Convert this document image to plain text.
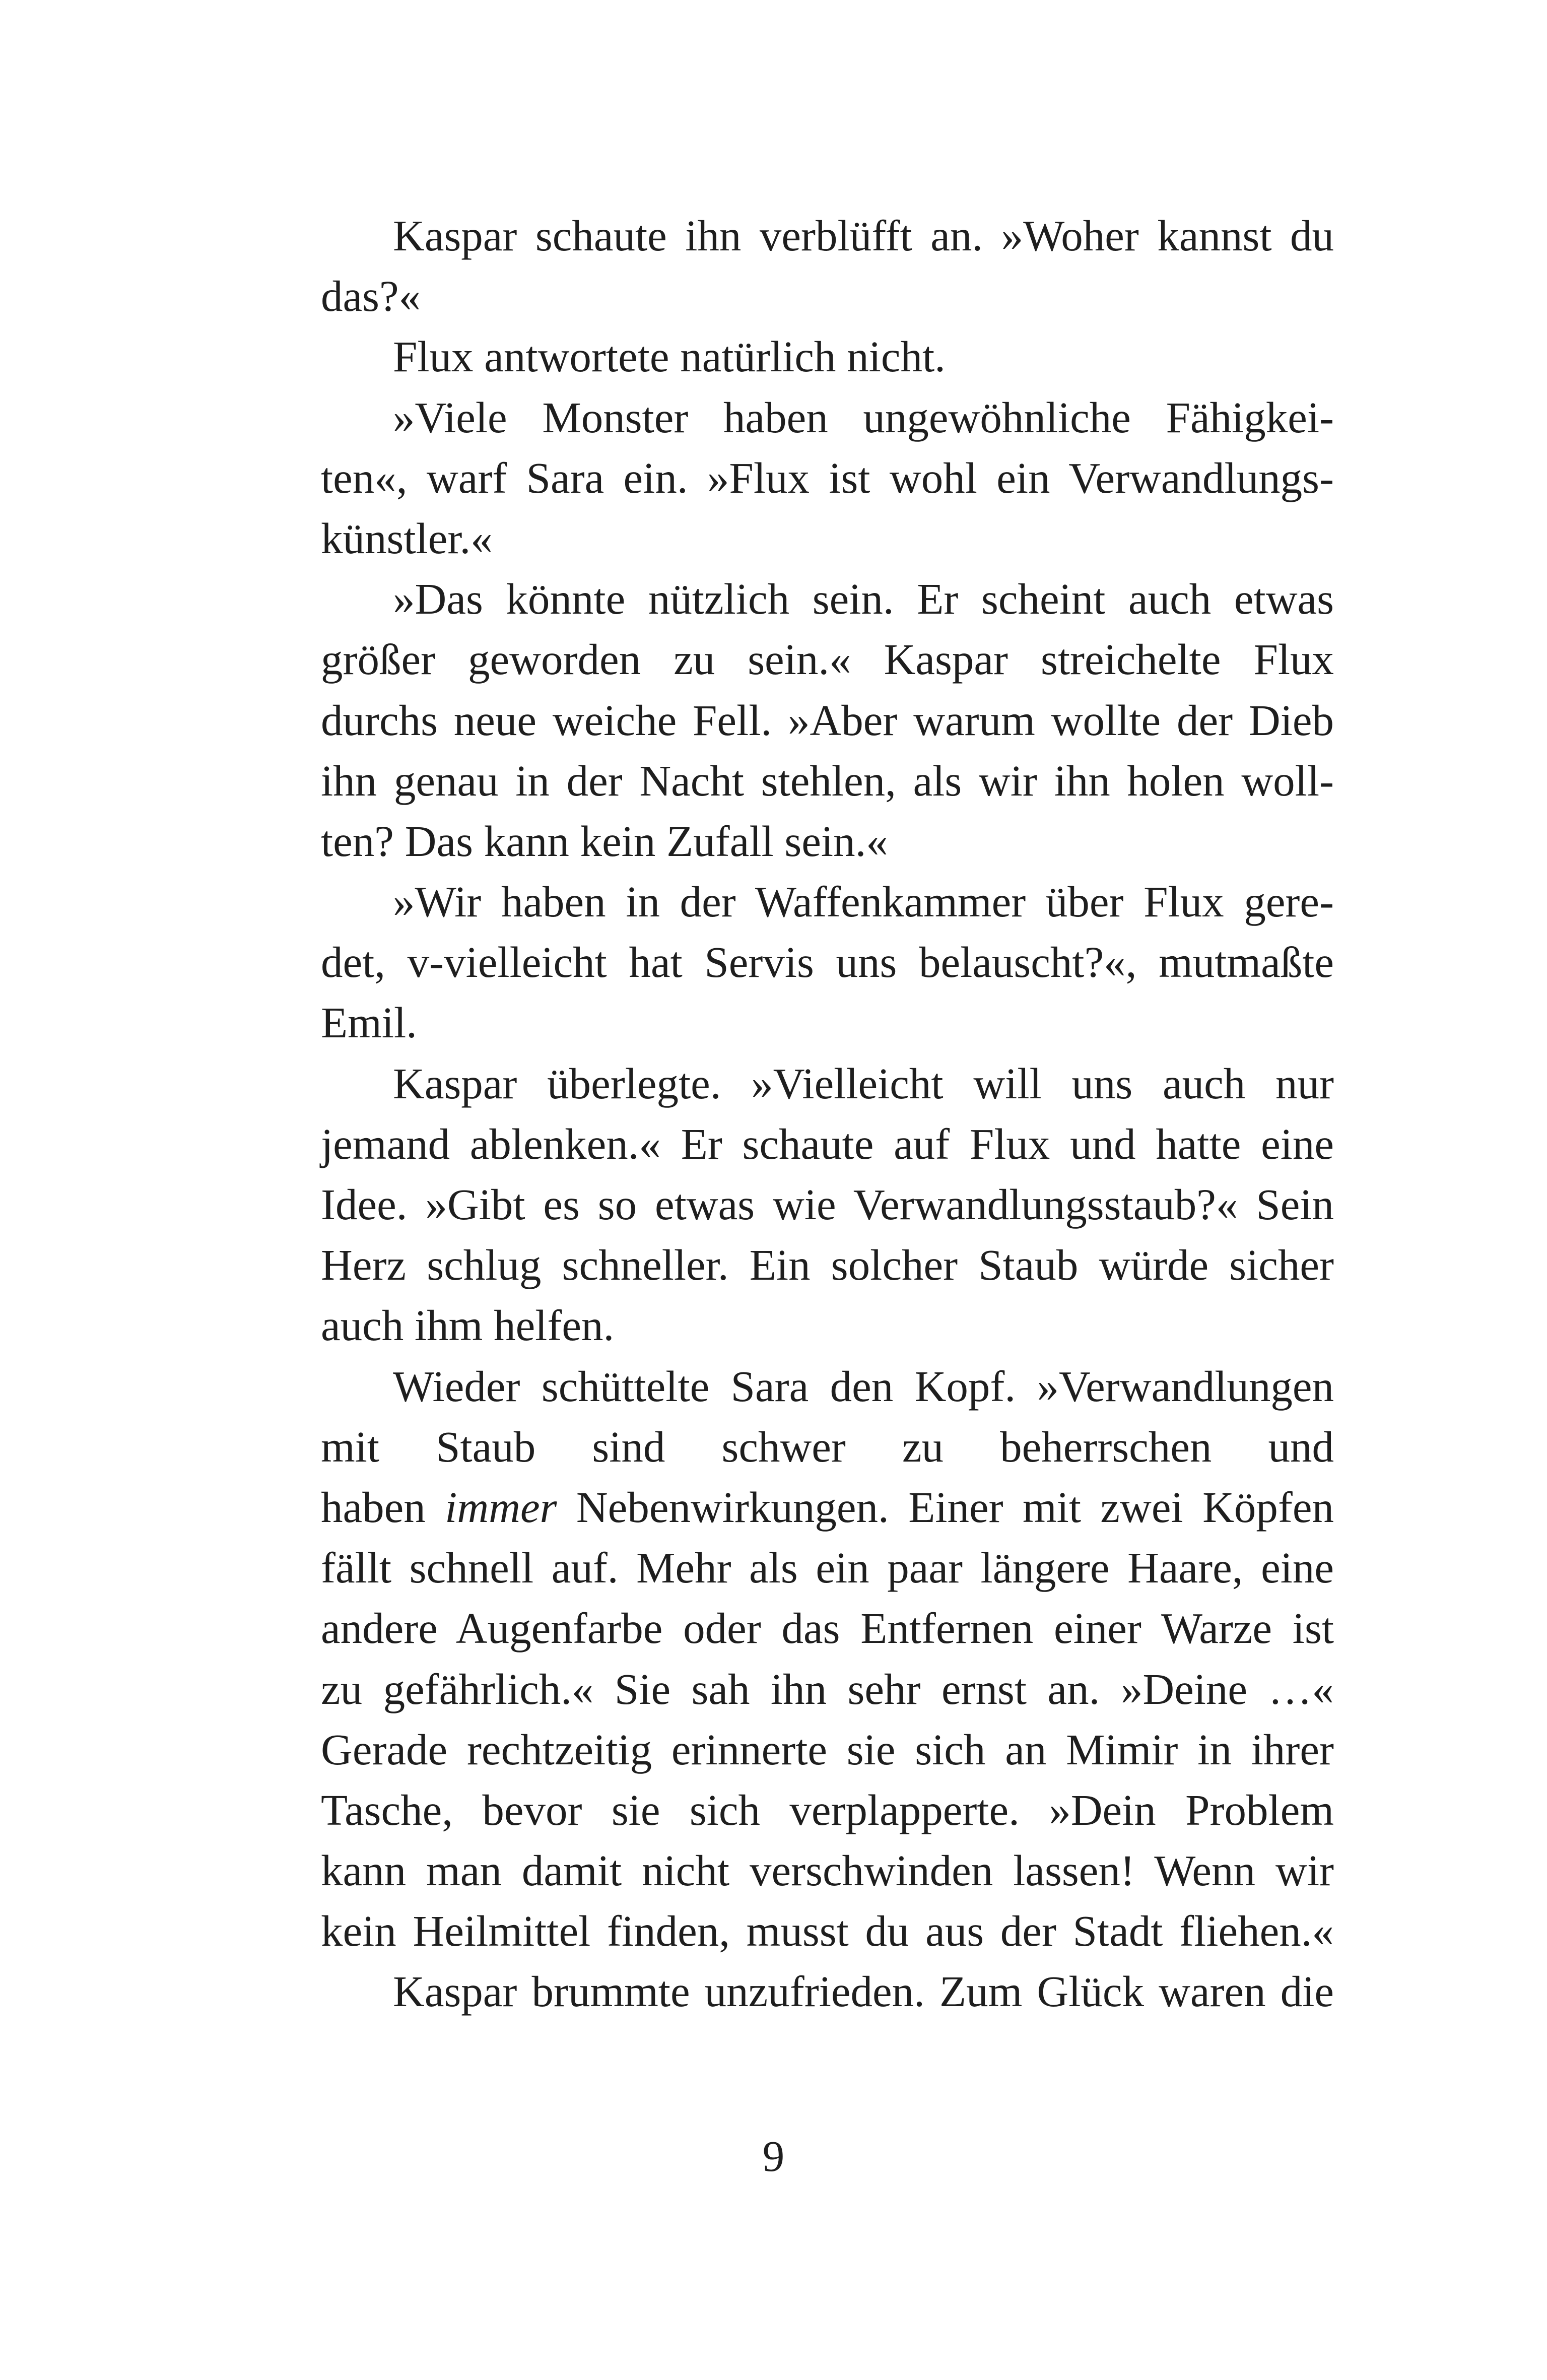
Kaspar schaute ihn verblüfft an. »Woher kannst du
das?«
Flux antwortete natürlich nicht.
»Viele Monster haben ungewöhnliche Fähigkei-
ten«, warf Sara ein. »Flux ist wohl ein Verwandlungs-
künstler.«
»Das könnte nützlich sein. Er scheint auch etwas
größer geworden zu sein.« Kaspar streichelte Flux
durchs neue weiche Fell. »Aber warum wollte der Dieb
ihn genau in der Nacht stehlen, als wir ihn holen woll-
ten? Das kann kein Zufall sein.«
»Wir haben in der Waffenkammer über Flux gere-
det, v-vielleicht hat Servis uns belauscht?«, mutmaßte
Emil.
Kaspar überlegte. »Vielleicht will uns auch nur
jemand ablenken.« Er schaute auf Flux und hatte eine
Idee. »Gibt es so etwas wie Verwandlungsstaub?« Sein
Herz schlug schneller. Ein solcher Staub würde sicher
auch ihm helfen.
Wieder schüttelte Sara den Kopf. »Verwandlungen
mit Staub sind schwer zu beherrschen und
haben immer Nebenwirkungen. Einer mit zwei Köpfen
fällt schnell auf. Mehr als ein paar längere Haare, eine
andere Augenfarbe oder das Entfernen einer Warze ist
zu gefährlich.« Sie sah ihn sehr ernst an. »Deine …«
Gerade rechtzeitig erinnerte sie sich an Mimir in ihrer
Tasche, bevor sie sich verplapperte. »Dein Problem
kann man damit nicht verschwinden lassen! Wenn wir
kein Heilmittel finden, musst du aus der Stadt fliehen.«
Kaspar brummte unzufrieden. Zum Glück waren die
9
